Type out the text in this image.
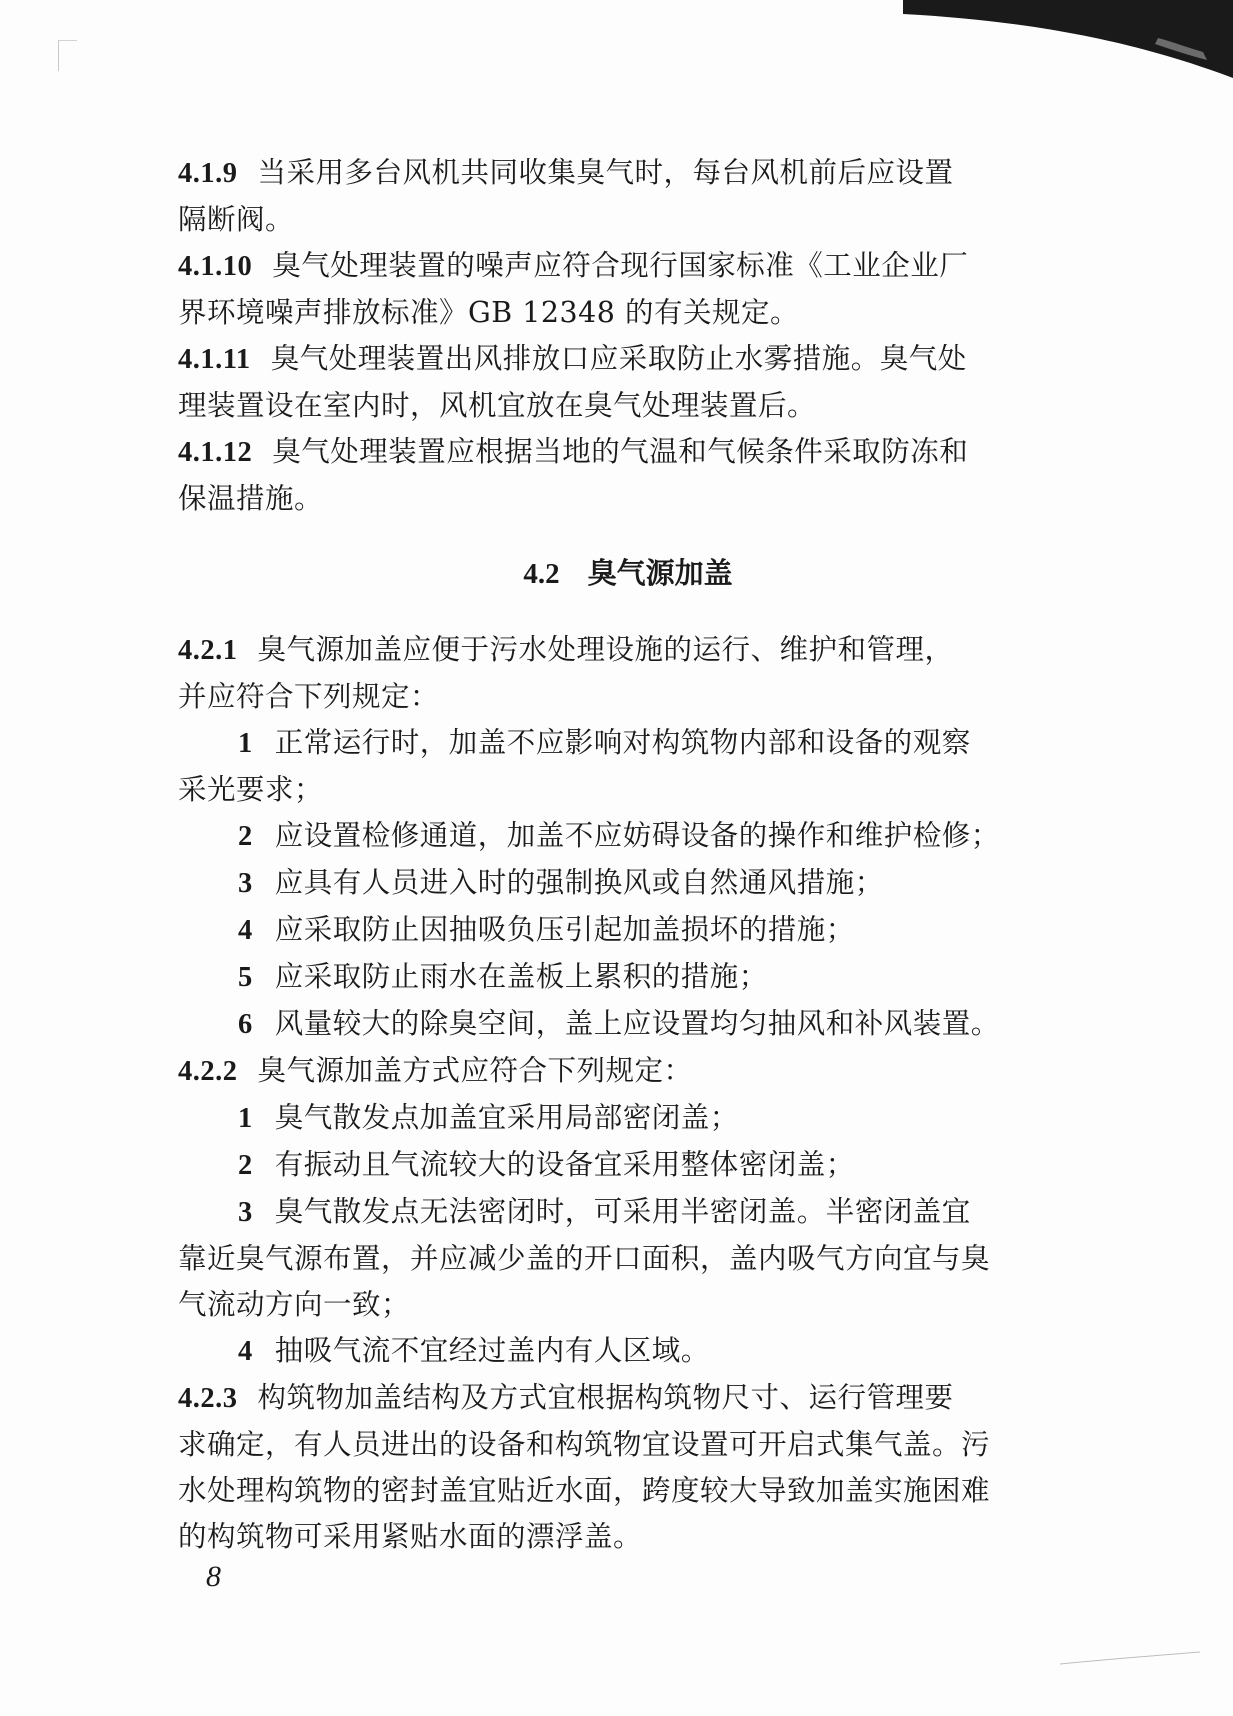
4.1.9 当采用多台风机共同收集臭气时，每台风机前后应设置
隔断阀。
4.1.10 臭气处理装置的噪声应符合现行国家标准《工业企业厂
界环境噪声排放标准》GB 12348 的有关规定。
4.1.11 臭气处理装置出风排放口应采取防止水雾措施。臭气处
理装置设在室内时，风机宜放在臭气处理装置后。
4.1.12 臭气处理装置应根据当地的气温和气候条件采取防冻和
保温措施。
4.2 臭气源加盖
4.2.1 臭气源加盖应便于污水处理设施的运行、维护和管理，
并应符合下列规定：
1 正常运行时，加盖不应影响对构筑物内部和设备的观察
采光要求；
2 应设置检修通道，加盖不应妨碍设备的操作和维护检修；
3 应具有人员进入时的强制换风或自然通风措施；
4 应采取防止因抽吸负压引起加盖损坏的措施；
5 应采取防止雨水在盖板上累积的措施；
6 风量较大的除臭空间，盖上应设置均匀抽风和补风装置。
4.2.2 臭气源加盖方式应符合下列规定：
1 臭气散发点加盖宜采用局部密闭盖；
2 有振动且气流较大的设备宜采用整体密闭盖；
3 臭气散发点无法密闭时，可采用半密闭盖。半密闭盖宜
靠近臭气源布置，并应减少盖的开口面积，盖内吸气方向宜与臭
气流动方向一致；
4 抽吸气流不宜经过盖内有人区域。
4.2.3 构筑物加盖结构及方式宜根据构筑物尺寸、运行管理要
求确定，有人员进出的设备和构筑物宜设置可开启式集气盖。污
水处理构筑物的密封盖宜贴近水面，跨度较大导致加盖实施困难
的构筑物可采用紧贴水面的漂浮盖。
8
